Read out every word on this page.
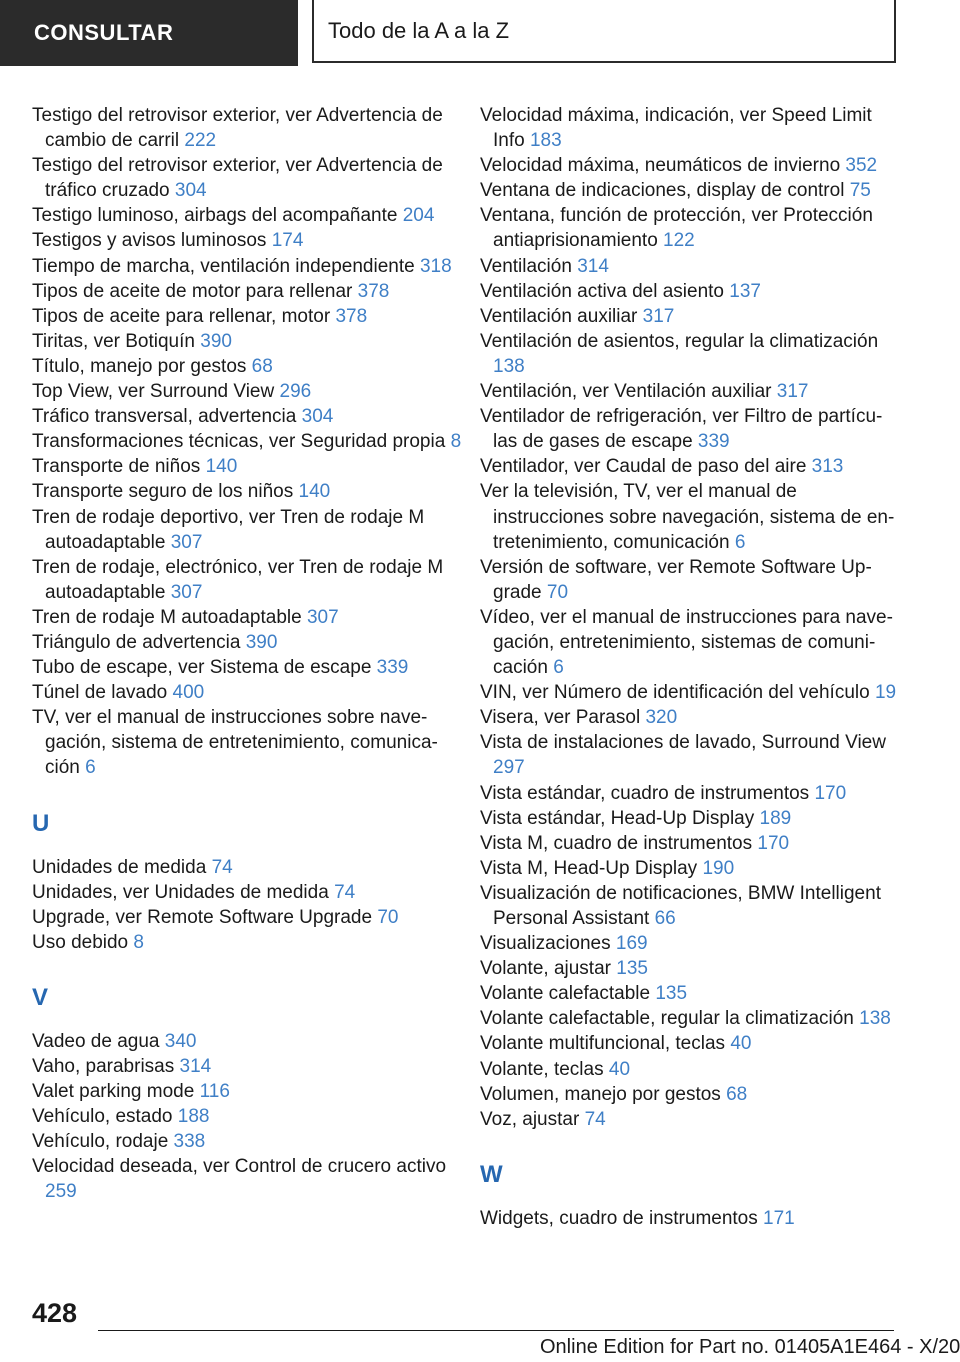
CONSULTAR	Todo de la A a la Z
Testigo del retrovisor exterior, ver Advertencia de cambio de carril 222
Testigo del retrovisor exterior, ver Advertencia de tráfico cruzado 304
Testigo luminoso, airbags del acompañante 204
Testigos y avisos luminosos 174
Tiempo de marcha, ventilación independiente 318
Tipos de aceite de motor para rellenar 378
Tipos de aceite para rellenar, motor 378
Tiritas, ver Botiquín 390
Título, manejo por gestos 68
Top View, ver Surround View 296
Tráfico transversal, advertencia 304
Transformaciones técnicas, ver Seguridad propia 8
Transporte de niños 140
Transporte seguro de los niños 140
Tren de rodaje deportivo, ver Tren de rodaje M autoadaptable 307
Tren de rodaje, electrónico, ver Tren de rodaje M autoadaptable 307
Tren de rodaje M autoadaptable 307
Triángulo de advertencia 390
Tubo de escape, ver Sistema de escape 339
Túnel de lavado 400
TV, ver el manual de instrucciones sobre navegación, sistema de entretenimiento, comunicación 6
U
Unidades de medida 74
Unidades, ver Unidades de medida 74
Upgrade, ver Remote Software Upgrade 70
Uso debido 8
V
Vadeo de agua 340
Vaho, parabrisas 314
Valet parking mode 116
Vehículo, estado 188
Vehículo, rodaje 338
Velocidad deseada, ver Control de crucero activo 259
Velocidad máxima, indicación, ver Speed Limit Info 183
Velocidad máxima, neumáticos de invierno 352
Ventana de indicaciones, display de control 75
Ventana, función de protección, ver Protección antiaprisionamiento 122
Ventilación 314
Ventilación activa del asiento 137
Ventilación auxiliar 317
Ventilación de asientos, regular la climatización 138
Ventilación, ver Ventilación auxiliar 317
Ventilador de refrigeración, ver Filtro de partículas de gases de escape 339
Ventilador, ver Caudal de paso del aire 313
Ver la televisión, TV, ver el manual de instrucciones sobre navegación, sistema de entretenimiento, comunicación 6
Versión de software, ver Remote Software Upgrade 70
Vídeo, ver el manual de instrucciones para navegación, entretenimiento, sistemas de comunicación 6
VIN, ver Número de identificación del vehículo 19
Visera, ver Parasol 320
Vista de instalaciones de lavado, Surround View 297
Vista estándar, cuadro de instrumentos 170
Vista estándar, Head-Up Display 189
Vista M, cuadro de instrumentos 170
Vista M, Head-Up Display 190
Visualización de notificaciones, BMW Intelligent Personal Assistant 66
Visualizaciones 169
Volante, ajustar 135
Volante calefactable 135
Volante calefactable, regular la climatización 138
Volante multifuncional, teclas 40
Volante, teclas 40
Volumen, manejo por gestos 68
Voz, ajustar 74
W
Widgets, cuadro de instrumentos 171
428
Online Edition for Part no. 01405A1E464 - X/20
